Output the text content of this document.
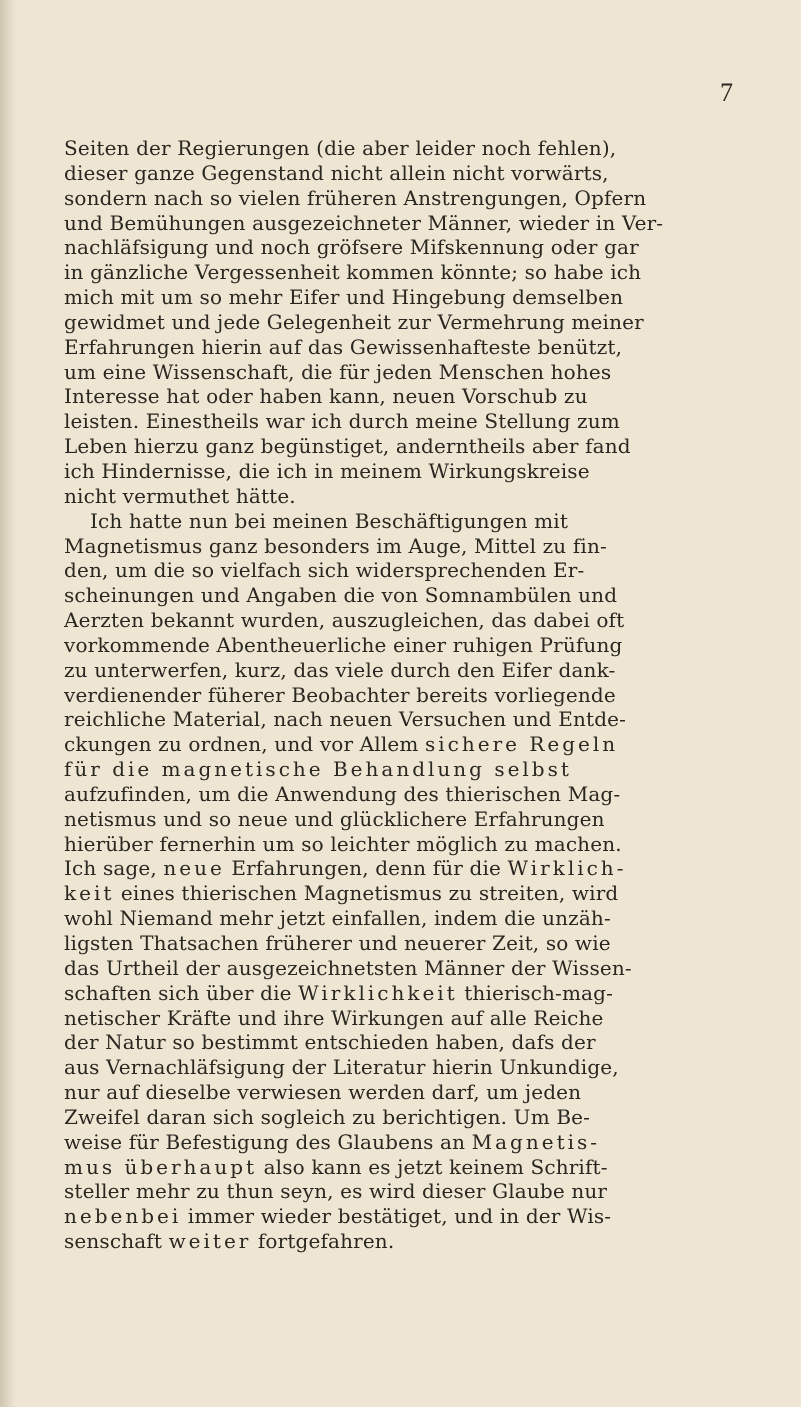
7
Seiten der Regierungen (die aber leider noch fehlen),
dieser ganze Gegenstand nicht allein nicht vorwärts,
sondern nach so vielen früheren Anstrengungen, Opfern
und Bemühungen ausgezeichneter Männer, wieder in Ver-
nachläfsigung und noch gröfsere Mifskennung oder gar
in gänzliche Vergessenheit kommen könnte; so habe ich
mich mit um so mehr Eifer und Hingebung demselben
gewidmet und jede Gelegenheit zur Vermehrung meiner
Erfahrungen hierin auf das Gewissenhafteste benützt,
um eine Wissenschaft, die für jeden Menschen hohes
Interesse hat oder haben kann, neuen Vorschub zu
leisten. Einestheils war ich durch meine Stellung zum
Leben hierzu ganz begünstiget, anderntheils aber fand
ich Hindernisse, die ich in meinem Wirkungskreise
nicht vermuthet hätte.
Ich hatte nun bei meinen Beschäftigungen mit
Magnetismus ganz besonders im Auge, Mittel zu fin-
den, um die so vielfach sich widersprechenden Er-
scheinungen und Angaben die von Somnambülen und
Aerzten bekannt wurden, auszugleichen, das dabei oft
vorkommende Abentheuerliche einer ruhigen Prüfung
zu unterwerfen, kurz, das viele durch den Eifer dank-
verdienender füherer Beobachter bereits vorliegende
reichliche Material, nach neuen Versuchen und Entde-
ckungen zu ordnen, und vor Allem sichere Regeln
für die magnetische Behandlung selbst
aufzufinden, um die Anwendung des thierischen Mag-
netismus und so neue und glücklichere Erfahrungen
hierüber fernerhin um so leichter möglich zu machen.
Ich sage, neue Erfahrungen, denn für die Wirklich-
keit eines thierischen Magnetismus zu streiten, wird
wohl Niemand mehr jetzt einfallen, indem die unzäh-
ligsten Thatsachen früherer und neuerer Zeit, so wie
das Urtheil der ausgezeichnetsten Männer der Wissen-
schaften sich über die Wirklichkeit thierisch-mag-
netischer Kräfte und ihre Wirkungen auf alle Reiche
der Natur so bestimmt entschieden haben, dafs der
aus Vernachläfsigung der Literatur hierin Unkundige,
nur auf dieselbe verwiesen werden darf, um jeden
Zweifel daran sich sogleich zu berichtigen. Um Be-
weise für Befestigung des Glaubens an Magnetis-
mus überhaupt also kann es jetzt keinem Schrift-
steller mehr zu thun seyn, es wird dieser Glaube nur
nebenbei immer wieder bestätiget, und in der Wis-
senschaft weiter fortgefahren.
